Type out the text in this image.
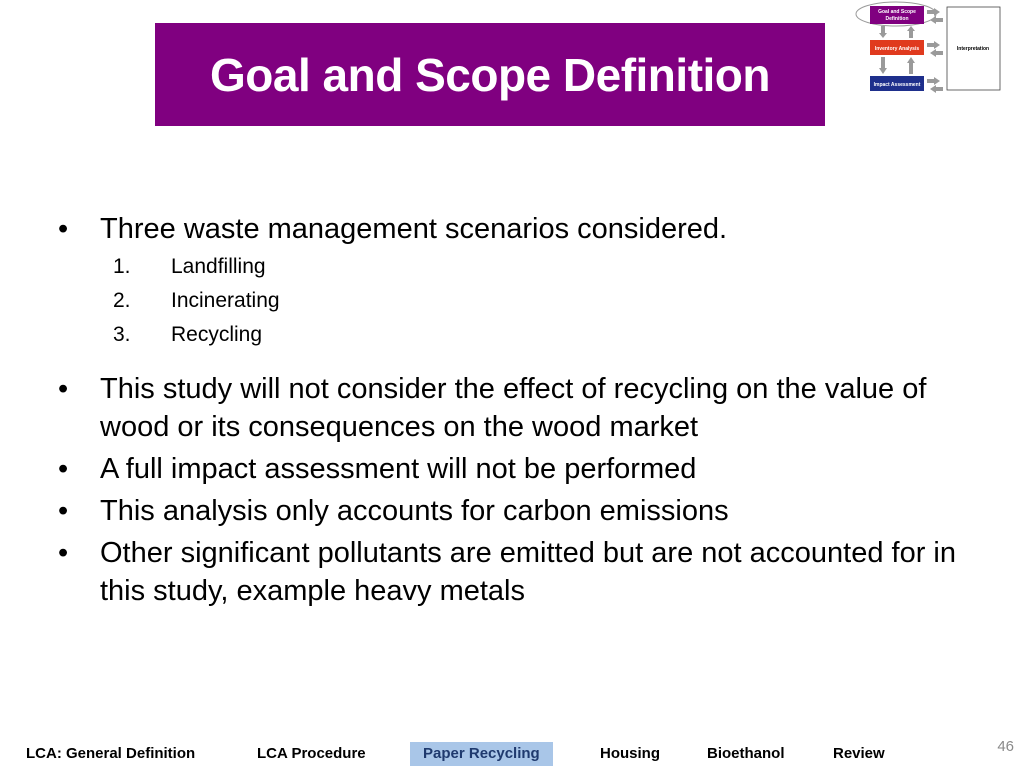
Goal and Scope Definition
Goal and Scope
Definition
Inventory Analysis
Impact Assessment
Interpretation
• Three waste management scenarios considered.
1. Landfilling
2. Incinerating
3. Recycling
• This study will not consider the effect of recycling on the value of wood or its consequences on the wood market
• A full impact assessment will not be performed
• This analysis only accounts for carbon emissions
• Other significant pollutants are emitted but are not accounted for in this study, example heavy metals
LCA: General Definition	LCA Procedure	Paper Recycling	Housing	Bioethanol	Review	46
